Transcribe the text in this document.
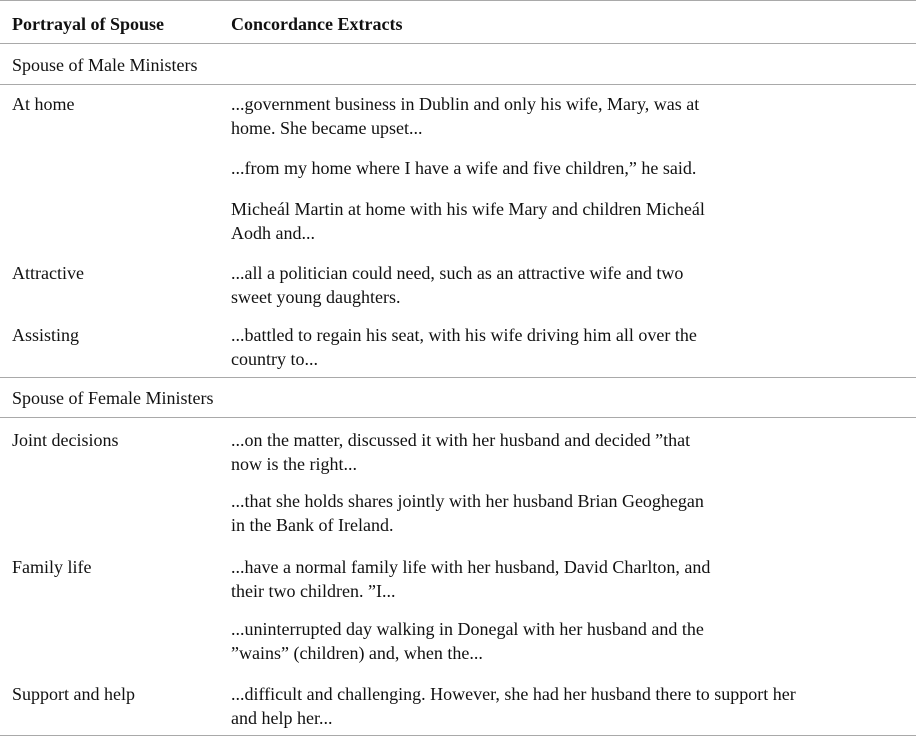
Portrayal of Spouse	Concordance Extracts
Spouse of Male Ministers
At home	...government business in Dublin and only his wife, Mary, was at
home. She became upset...
...from my home where I have a wife and five children,” he said.
Micheál Martin at home with his wife Mary and children Micheál
Aodh and...
Attractive	...all a politician could need, such as an attractive wife and two
sweet young daughters.
Assisting	...battled to regain his seat, with his wife driving him all over the
country to...
Spouse of Female Ministers
Joint decisions	...on the matter, discussed it with her husband and decided ”that
now is the right...
...that she holds shares jointly with her husband Brian Geoghegan
in the Bank of Ireland.
Family life	...have a normal family life with her husband, David Charlton, and
their two children. ”I...
...uninterrupted day walking in Donegal with her husband and the
”wains” (children) and, when the...
Support and help	...difficult and challenging. However, she had her husband there to support her
and help her...
